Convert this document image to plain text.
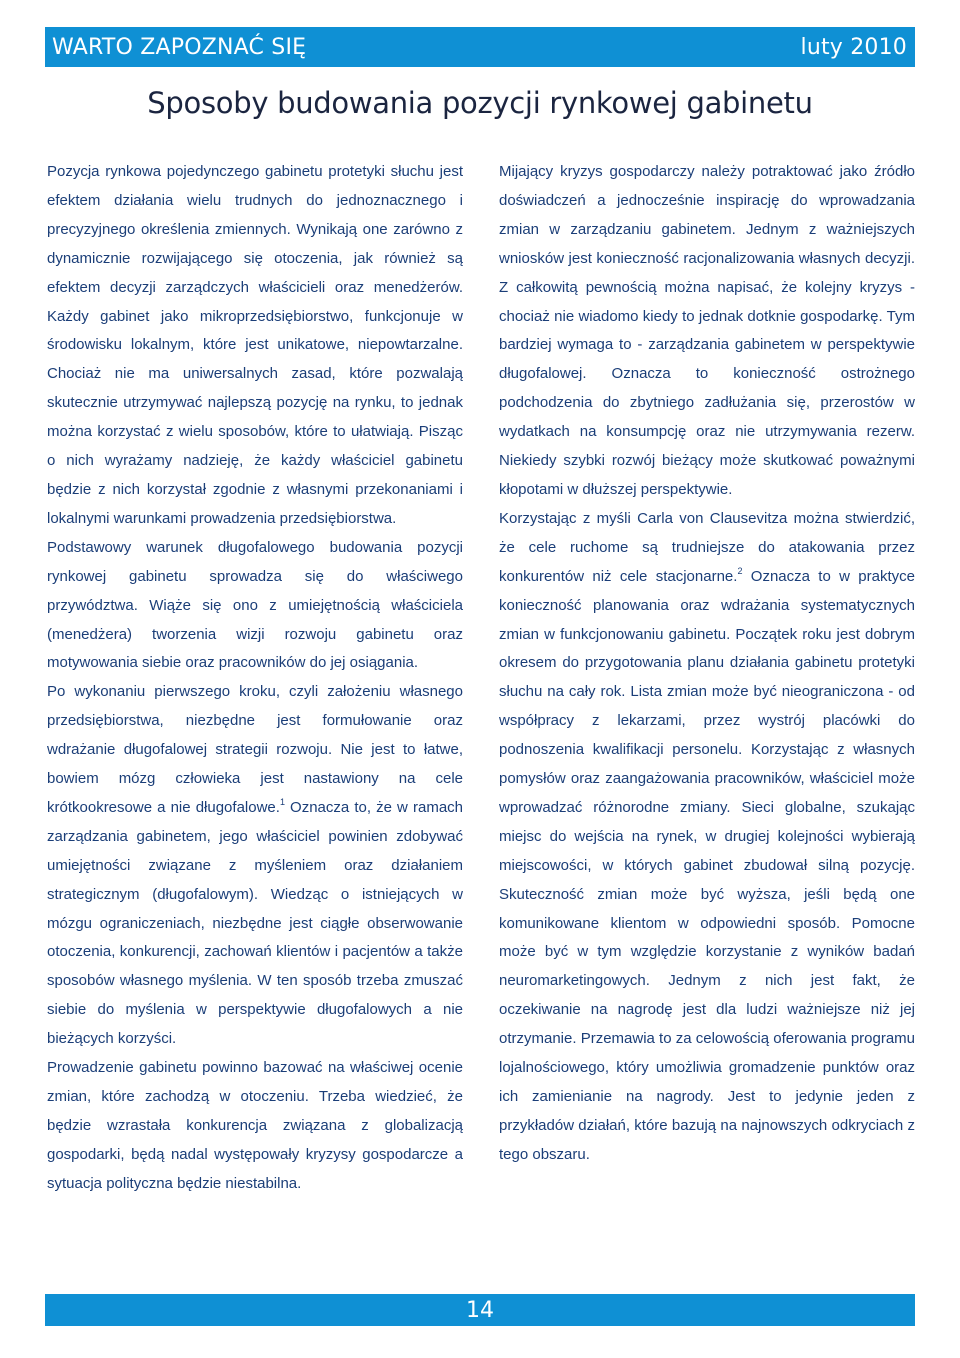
WARTO ZAPOZNAĆ SIĘ	luty 2010
Sposoby budowania pozycji rynkowej gabinetu

Pozycja rynkowa pojedynczego gabinetu protetyki słuchu jest efektem działania wielu trudnych do jednoznacznego i precyzyjnego określenia zmiennych. Wynikają one zarówno z dynamicznie rozwijającego się otoczenia, jak również są efektem decyzji zarządczych właścicieli oraz menedżerów. Każdy gabinet jako mikroprzedsiębiorstwo, funkcjonuje w środowisku lokalnym, które jest unikatowe, niepowtarzalne. Chociaż nie ma uniwersalnych zasad, które pozwalają skutecznie utrzymywać najlepszą pozycję na rynku, to jednak można korzystać z wielu sposobów, które to ułatwiają. Pisząc o nich wyrażamy nadzieję, że każdy właściciel gabinetu będzie z nich korzystał zgodnie z własnymi przekonaniami i lokalnymi warunkami prowadzenia przedsiębiorstwa.

Podstawowy warunek długofalowego budowania pozycji rynkowej gabinetu sprowadza się do właściwego przywództwa. Wiąże się ono z umiejętnością właściciela (menedżera) tworzenia wizji rozwoju gabinetu oraz motywowania siebie oraz pracowników do jej osiągania.

Po wykonaniu pierwszego kroku, czyli założeniu własnego przedsiębiorstwa, niezbędne jest formułowanie oraz wdrażanie długofalowej strategii rozwoju. Nie jest to łatwe, bowiem mózg człowieka jest nastawiony na cele krótkookresowe a nie długofalowe.$^1$ Oznacza to, że w ramach zarządzania gabinetem, jego właściciel powinien zdobywać umiejętności związane z myśleniem oraz działaniem strategicznym (długofalowym). Wiedząc o istniejących w mózgu ograniczeniach, niezbędne jest ciągłe obserwowanie otoczenia, konkurencji, zachowań klientów i pacjentów a także sposobów własnego myślenia. W ten sposób trzeba zmuszać siebie do myślenia w perspektywie długofalowych a nie bieżących korzyści.

Prowadzenie gabinetu powinno bazować na właściwej ocenie zmian, które zachodzą w otoczeniu. Trzeba wiedzieć, że będzie wzrastała konkurencja związana z globalizacją gospodarki, będą nadal występowały kryzysy gospodarcze a sytuacja polityczna będzie niestabilna.

Mijający kryzys gospodarczy należy potraktować jako źródło doświadczeń a jednocześnie inspirację do wprowadzania zmian w zarządzaniu gabinetem. Jednym z ważniejszych wniosków jest konieczność racjonalizowania własnych decyzji. Z całkowitą pewnością można napisać, że kolejny kryzys - chociaż nie wiadomo kiedy to jednak dotknie gospodarkę. Tym bardziej wymaga to - zarządzania gabinetem w perspektywie długofalowej. Oznacza to konieczność ostrożnego podchodzenia do zbytniego zadłużania się, przerostów w wydatkach na konsumpcję oraz nie utrzymywania rezerw. Niekiedy szybki rozwój bieżący może skutkować poważnymi kłopotami w dłuższej perspektywie.

Korzystając z myśli Carla von Clausevitza można stwierdzić, że cele ruchome są trudniejsze do atakowania przez konkurentów niż cele stacjonarne.$^2$ Oznacza to w praktyce konieczność planowania oraz wdrażania systematycznych zmian w funkcjonowaniu gabinetu. Początek roku jest dobrym okresem do przygotowania planu działania gabinetu protetyki słuchu na cały rok. Lista zmian może być nieograniczona - od współpracy z lekarzami, przez wystrój placówki do podnoszenia kwalifikacji personelu. Korzystając z własnych pomysłów oraz zaangażowania pracowników, właściciel może wprowadzać różnorodne zmiany. Sieci globalne, szukając miejsc do wejścia na rynek, w drugiej kolejności wybierają miejscowości, w których gabinet zbudował silną pozycję. Skuteczność zmian może być wyższa, jeśli będą one komunikowane klientom w odpowiedni sposób. Pomocne może być w tym względzie korzystanie z wyników badań neuromarketingowych. Jednym z nich jest fakt, że oczekiwanie na nagrodę jest dla ludzi ważniejsze niż jej otrzymanie. Przemawia to za celowością oferowania programu lojalnościowego, który umożliwia gromadzenie punktów oraz ich zamienianie na nagrody. Jest to jedynie jeden z przykładów działań, które bazują na najnowszych odkryciach z tego obszaru.

14
